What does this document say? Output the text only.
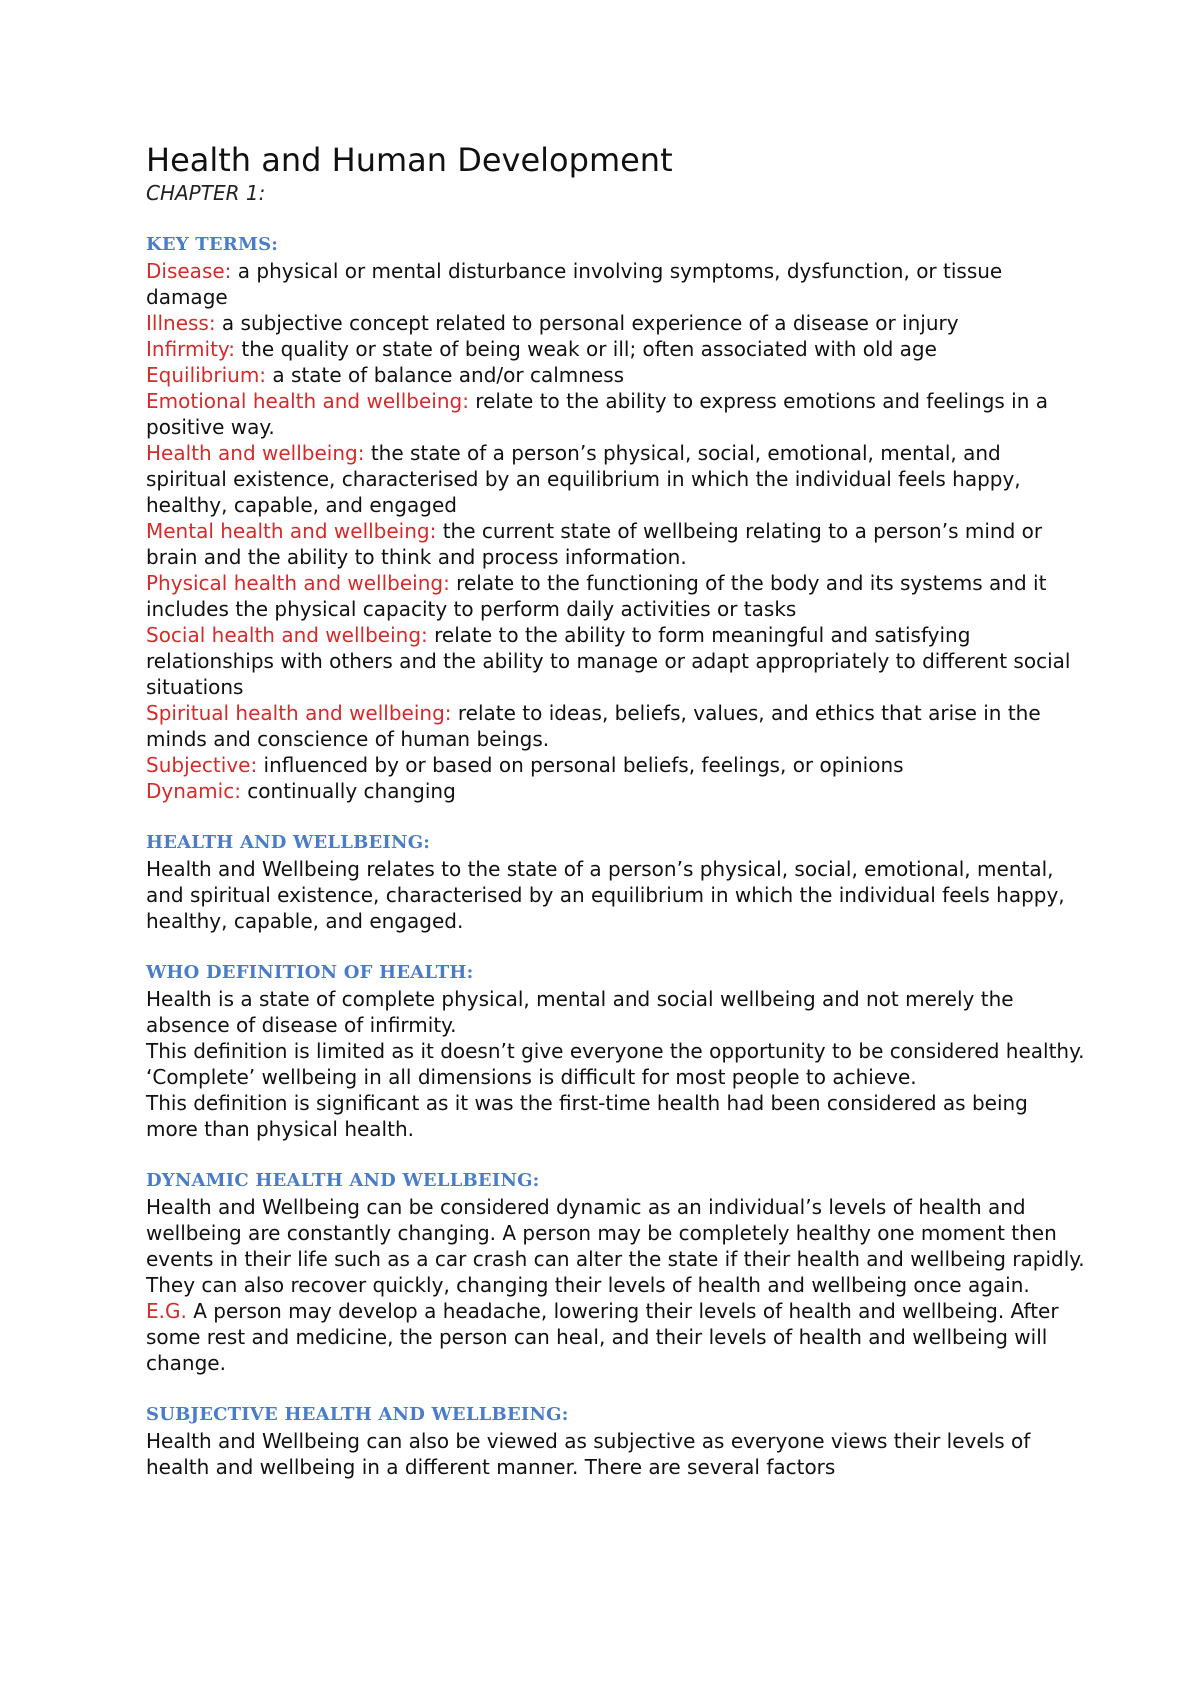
Health and Human Development

CHAPTER 1:

KEY TERMS:

Disease: a physical or mental disturbance involving symptoms, dysfunction, or tissue damage

Illness: a subjective concept related to personal experience of a disease or injury

Infirmity: the quality or state of being weak or ill; often associated with old age

Equilibrium: a state of balance and/or calmness

Emotional health and wellbeing: relate to the ability to express emotions and feelings in a positive way.

Health and wellbeing: the state of a person’s physical, social, emotional, mental, and spiritual existence, characterised by an equilibrium in which the individual feels happy, healthy, capable, and engaged

Mental health and wellbeing: the current state of wellbeing relating to a person’s mind or brain and the ability to think and process information.

Physical health and wellbeing: relate to the functioning of the body and its systems and it includes the physical capacity to perform daily activities or tasks

Social health and wellbeing: relate to the ability to form meaningful and satisfying relationships with others and the ability to manage or adapt appropriately to different social situations

Spiritual health and wellbeing: relate to ideas, beliefs, values, and ethics that arise in the minds and conscience of human beings.

Subjective: influenced by or based on personal beliefs, feelings, or opinions

Dynamic: continually changing

HEALTH AND WELLBEING:

Health and Wellbeing relates to the state of a person’s physical, social, emotional, mental, and spiritual existence, characterised by an equilibrium in which the individual feels happy, healthy, capable, and engaged.

WHO DEFINITION OF HEALTH:

Health is a state of complete physical, mental and social wellbeing and not merely the absence of disease of infirmity.

This definition is limited as it doesn’t give everyone the opportunity to be considered healthy. ‘Complete’ wellbeing in all dimensions is difficult for most people to achieve.

This definition is significant as it was the first-time health had been considered as being more than physical health.

DYNAMIC HEALTH AND WELLBEING:

Health and Wellbeing can be considered dynamic as an individual’s levels of health and wellbeing are constantly changing. A person may be completely healthy one moment then events in their life such as a car crash can alter the state if their health and wellbeing rapidly. They can also recover quickly, changing their levels of health and wellbeing once again.

E.G. A person may develop a headache, lowering their levels of health and wellbeing. After some rest and medicine, the person can heal, and their levels of health and wellbeing will change.

SUBJECTIVE HEALTH AND WELLBEING:

Health and Wellbeing can also be viewed as subjective as everyone views their levels of health and wellbeing in a different manner. There are several factors
